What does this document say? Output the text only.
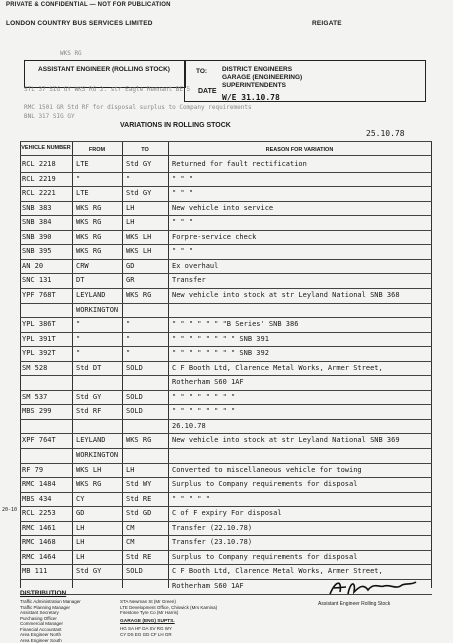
PRIVATE & CONFIDENTIAL — NOT FOR PUBLICATION
LONDON COUNTRY BUS SERVICES LIMITED	REIGATE
ASSISTANT ENGINEER (ROLLING STOCK)	TO: DISTRICT ENGINEERS
GARAGE (ENGINEERING)
SUPERINTENDENTS
DATE
W/E 31.10.78
RMC 1501 GR Std RF for disposal surplus to Company requirements
BNL 317 SIG GY
STL 37 SIG GY WKS RG 2. str Eagle Remnant BE 5
WKS RG
VARIATIONS IN ROLLING STOCK
25.10.78
VEHICLE NUMBER	FROM	TO	REASON FOR VARIATION
RCL 2218	LTE	Std GY	Returned for fault rectification
RCL 2219	"	"	" " "
RCL 2221	LTE	Std GY	" " "
SNB 383	WKS RG	LH	New vehicle into service
SNB 384	WKS RG	LH	" " "
SNB 390	WKS RG	WKS LH	Forpre-service check
SNB 395	WKS RG	WKS LH	" " "
AN 20	CRW	GD	Ex overhaul
SNC 131	DT	GR	Transfer
YPF 768T	LEYLAND	WKS RG	New vehicle into stock at str Leyland National SNB 368
WORKINGTON
YPL 386T	"	"	" " " " " " "B Series' SNB 386
YPL 391T	"	"	" " " " " " " " SNB 391
YPL 392T	"	"	" " " " " " " " SNB 392
SM 528	Std DT	SOLD	C F Booth Ltd, Clarence Metal Works, Armer Street,
Rotherham S60 1AF
SM 537	Std GY	SOLD	" " " " " " " "
MBS 299	Std RF	SOLD	" " " " " " " "
26.10.78
XPF 764T	LEYLAND	WKS RG	New vehicle into stock at str Leyland National SNB 369
WORKINGTON
RF 79	WKS LH	LH	Converted to miscellaneous vehicle for towing
RMC 1484	WKS RG	Std WY	Surplus to Company requirements for disposal
MBS 434	CY	Std RE	" " " " "
RCL 2253	GD	Std GD	C of F expiry For disposal
RMC 1461	LH	CM	Transfer (22.10.78)
RMC 1468	LH	CM	Transfer (23.10.78)
RMC 1464	LH	Std RE	Surplus to Company requirements for disposal
MB 111	Std GY	SOLD	C F Booth Ltd, Clarence Metal Works, Armer Street,
Rotherham S60 1AF
20-10
DISTRIBUTION
Traffic Administration Manager
Traffic Planning Manager
Assistant Secretary
Purchasing Officer
Commercial Manager
Financial Accountant
Area Engineer North
Area Engineer South
STA Newman St (Mr Green)
LTE Development Office, Chiswick (Mrs Kamina)
Firestone Tyre Co (Mr Harris)
GARAGE (ENG) SUPTS.
HG SA HF DA SV RG WY
CY DS EG GD CF LH GR
Assistant Engineer Rolling Stock
